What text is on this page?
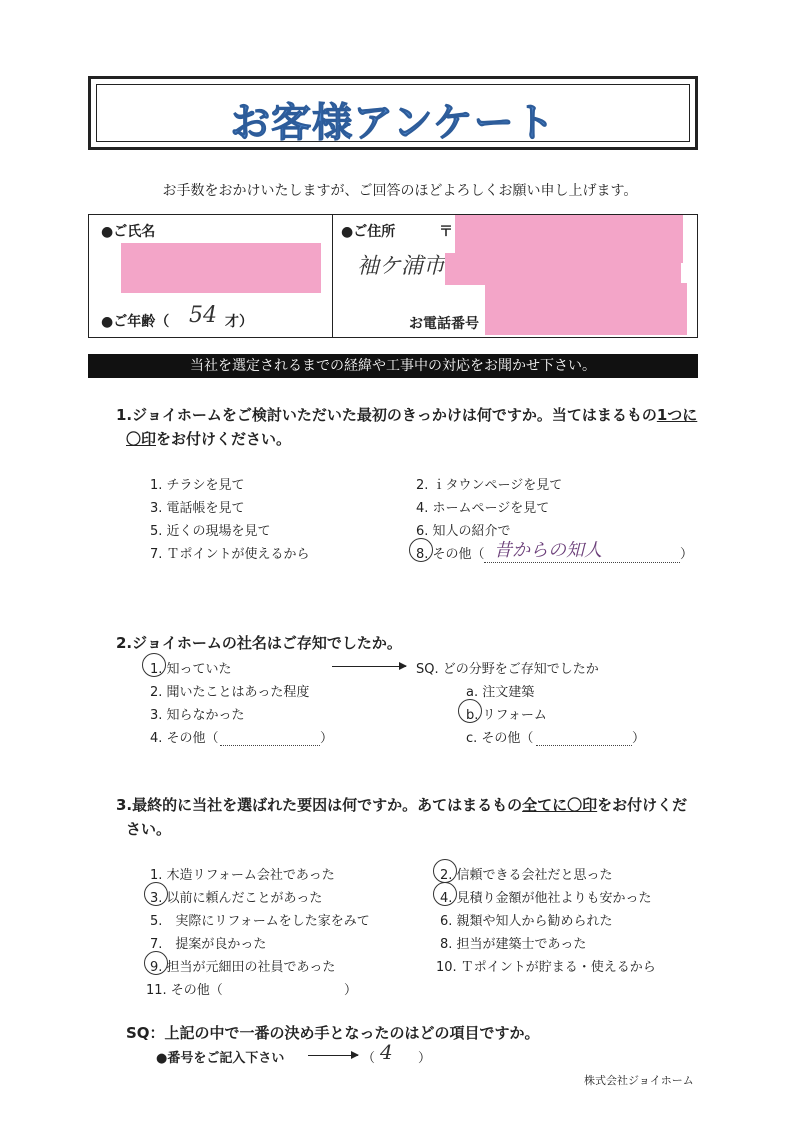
お客様アンケート
お手数をおかけいたしますが、ご回答のほどよろしくお願い申し上げます。
●ご氏名
●ご年齢（ 54 才）
●ご住所	〒
袖ケ浦市
お電話番号
当社を選定されるまでの経緯や工事中の対応をお聞かせ下さい。
1.ジョイホームをご検討いただいた最初のきっかけは何ですか。当てはまるもの1つに
〇印をお付けください。
1. チラシを見て	2. ｉタウンページを見て
3. 電話帳を見て	4. ホームページを見て
5. 近くの現場を見て	6. 知人の紹介で
7. Ｔポイントが使えるから	8. その他（ 昔からの知人	）
2.ジョイホームの社名はご存知でしたか。
1. 知っていた
2. 聞いたことはあった程度
3. 知らなかった
4. その他（	）
SQ. どの分野をご存知でしたか
a. 注文建築
b. リフォーム
c. その他（	）
3.最終的に当社を選ばれた要因は何ですか。あてはまるもの全てに〇印をお付けくだ
さい。
1. 木造リフォーム会社であった	2. 信頼できる会社だと思った
3. 以前に頼んだことがあった	4. 見積り金額が他社よりも安かった
5.　実際にリフォームをした家をみて	6. 親類や知人から勧められた
7.　提案が良かった	8. 担当が建築士であった
9. 担当が元細田の社員であった	10. Ｔポイントが貯まる・使えるから
11. その他（	）
SQ：上記の中で一番の決め手となったのはどの項目ですか。
●番号をご記入下さい	（ 4 ）
株式会社ジョイホーム
